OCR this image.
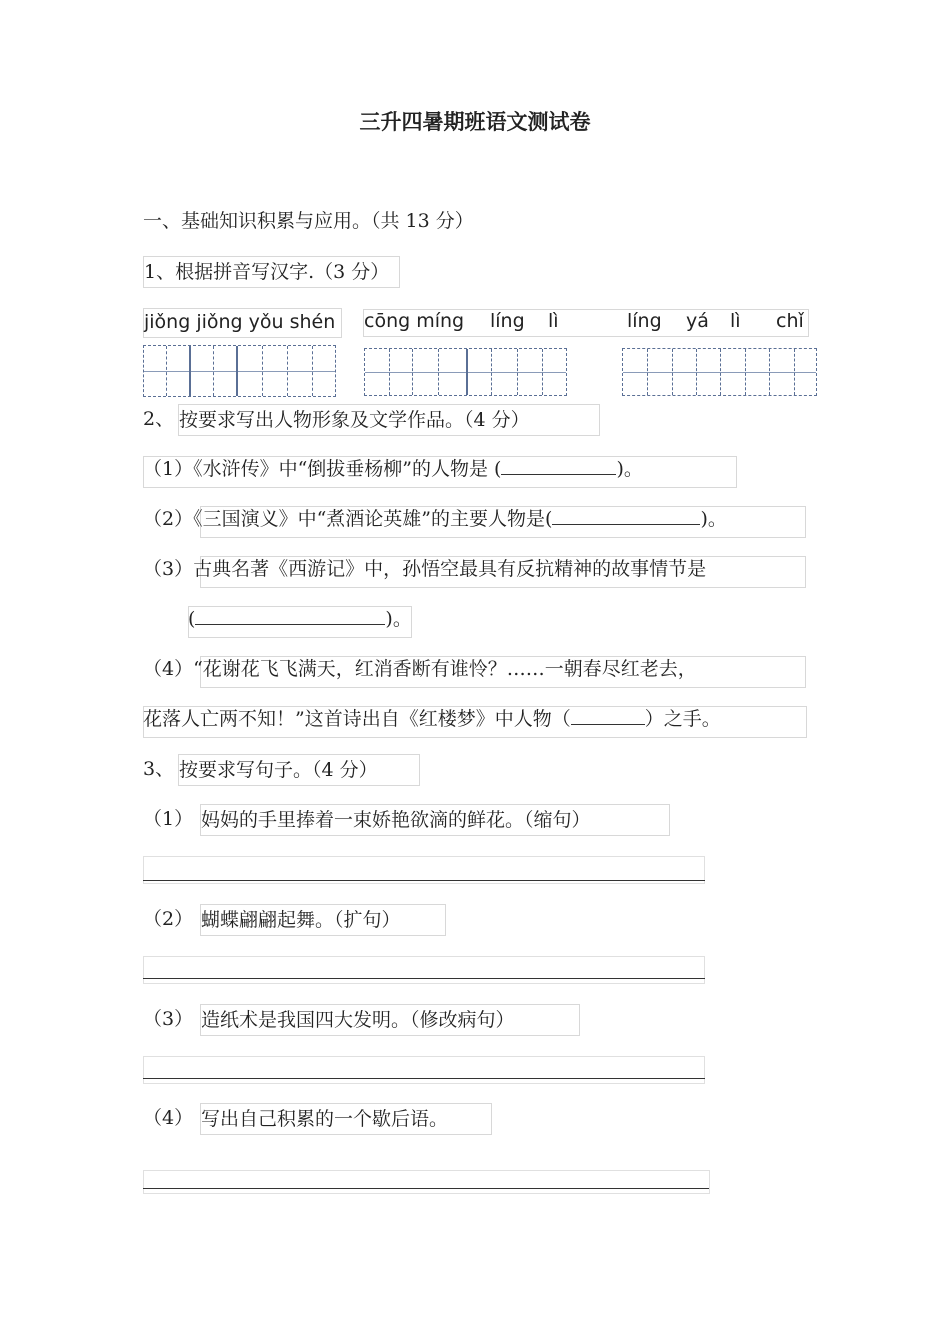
三升四暑期班语文测试卷
一、基础知识积累与应用。（共 13 分）
1、根据拼音写汉字.（3 分）
jiǒng jiǒng yǒu shén	cōng míng líng lì	líng yá lì chǐ
2、 按要求写出人物形象及文学作品。（4 分）
（1）《水浒传》中“倒拔垂杨柳”的人物是 (	)。
（2）《三国演义》中“煮酒论英雄”的主要人物是(	)。
（3）古典名著《西游记》中，孙悟空最具有反抗精神的故事情节是
(	)。
（4）“花谢花飞飞满天，红消香断有谁怜？……一朝春尽红老去，
花落人亡两不知！”这首诗出自《红楼梦》中人物（	）之手。
3、 按要求写句子。（4 分）
（1） 妈妈的手里捧着一束娇艳欲滴的鲜花。（缩句）
（2） 蝴蝶翩翩起舞。（扩句）
（3） 造纸术是我国四大发明。（修改病句）
（4） 写出自己积累的一个歇后语。
